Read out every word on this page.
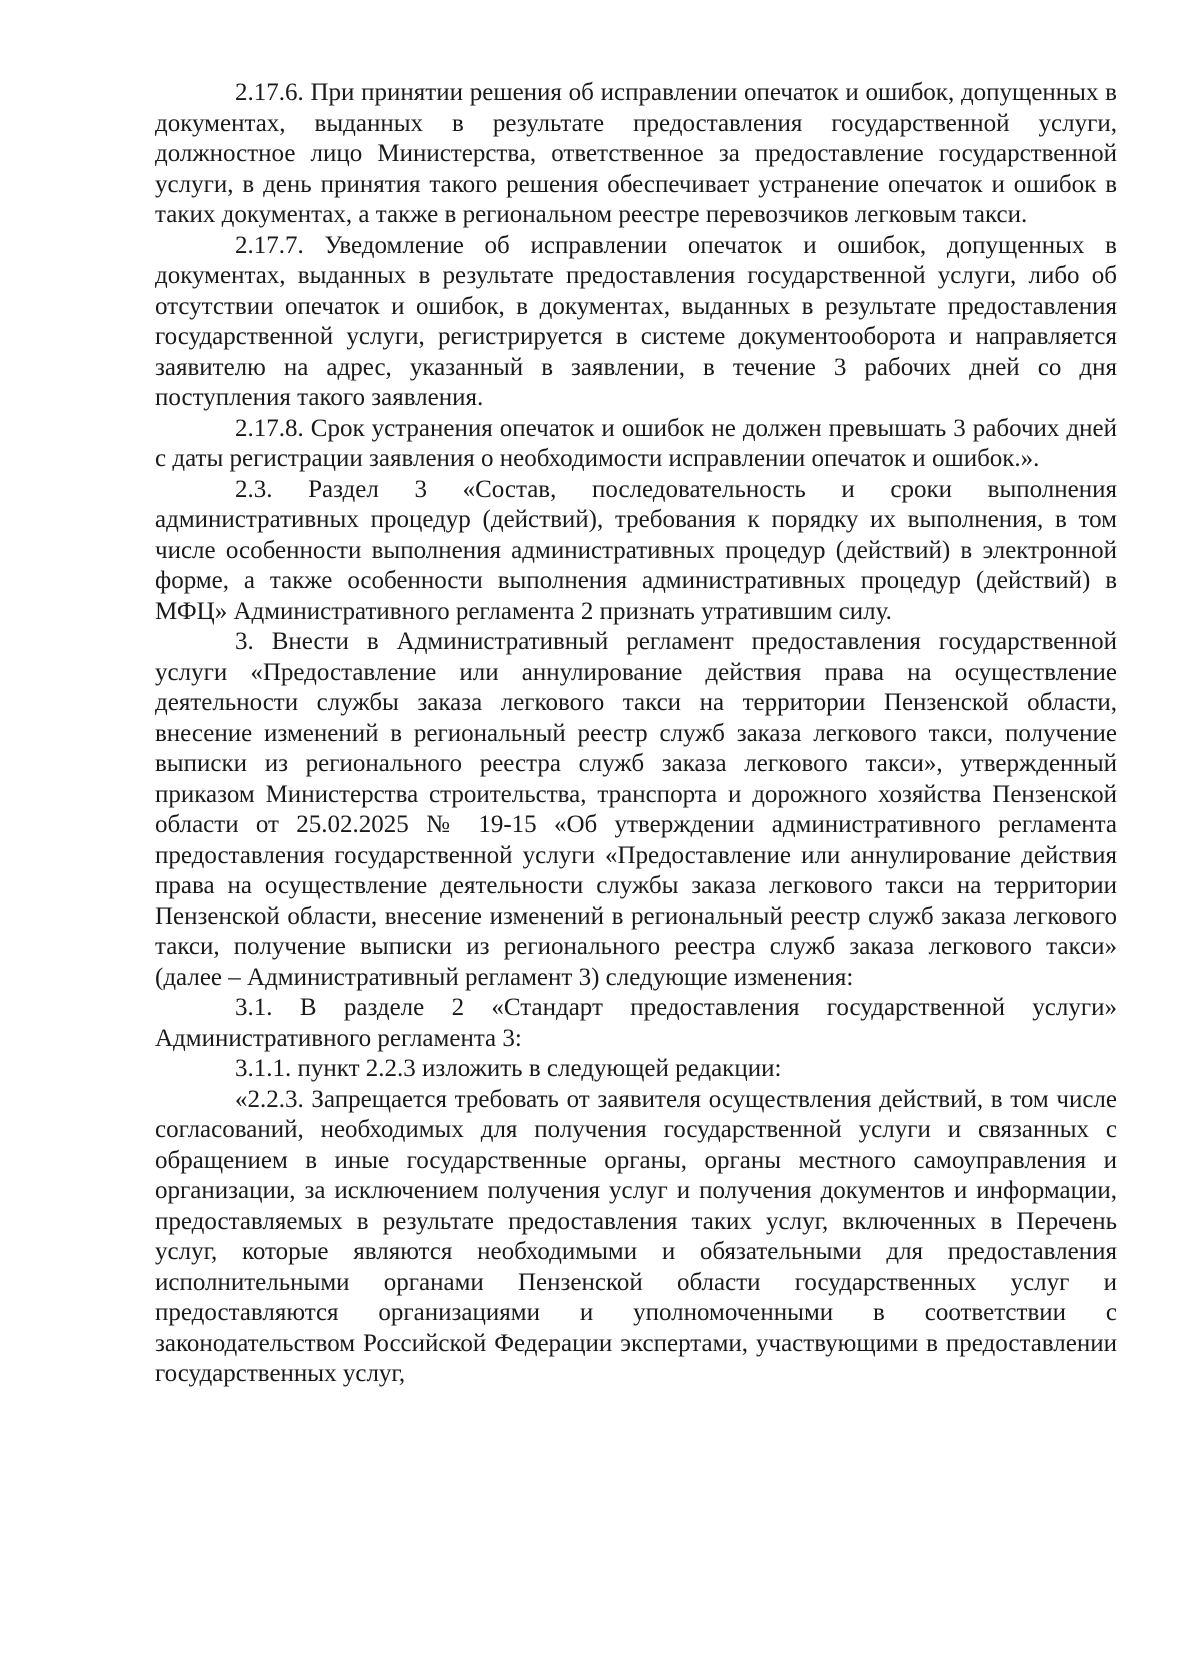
2.17.6. При принятии решения об исправлении опечаток и ошибок, допущенных в документах, выданных в результате предоставления государственной услуги, должностное лицо Министерства, ответственное за предоставление государственной услуги, в день принятия такого решения обеспечивает устранение опечаток и ошибок в таких документах, а также в региональном реестре перевозчиков легковым такси.

2.17.7. Уведомление об исправлении опечаток и ошибок, допущенных в документах, выданных в результате предоставления государственной услуги, либо об отсутствии опечаток и ошибок, в документах, выданных в результате предоставления государственной услуги, регистрируется в системе документооборота и направляется заявителю на адрес, указанный в заявлении, в течение 3 рабочих дней со дня поступления такого заявления.

2.17.8. Срок устранения опечаток и ошибок не должен превышать 3 рабочих дней с даты регистрации заявления о необходимости исправлении опечаток и ошибок.».

2.3. Раздел 3 «Состав, последовательность и сроки выполнения административных процедур (действий), требования к порядку их выполнения, в том числе особенности выполнения административных процедур (действий) в электронной форме, а также особенности выполнения административных процедур (действий) в МФЦ» Административного регламента 2 признать утратившим силу.

3. Внести в Административный регламент предоставления государственной услуги «Предоставление или аннулирование действия права на осуществление деятельности службы заказа легкового такси на территории Пензенской области, внесение изменений в региональный реестр служб заказа легкового такси, получение выписки из регионального реестра служб заказа легкового такси», утвержденный приказом Министерства строительства, транспорта и дорожного хозяйства Пензенской области от 25.02.2025 № 19-15 «Об утверждении административного регламента предоставления государственной услуги «Предоставление или аннулирование действия права на осуществление деятельности службы заказа легкового такси на территории Пензенской области, внесение изменений в региональный реестр служб заказа легкового такси, получение выписки из регионального реестра служб заказа легкового такси» (далее – Административный регламент 3) следующие изменения:

3.1. В разделе 2 «Стандарт предоставления государственной услуги» Административного регламента 3:

3.1.1. пункт 2.2.3 изложить в следующей редакции:

«2.2.3. Запрещается требовать от заявителя осуществления действий, в том числе согласований, необходимых для получения государственной услуги и связанных с обращением в иные государственные органы, органы местного самоуправления и организации, за исключением получения услуг и получения документов и информации, предоставляемых в результате предоставления таких услуг, включенных в Перечень услуг, которые являются необходимыми и обязательными для предоставления исполнительными органами Пензенской области государственных услуг и предоставляются организациями и уполномоченными в соответствии с законодательством Российской Федерации экспертами, участвующими в предоставлении государственных услуг,
